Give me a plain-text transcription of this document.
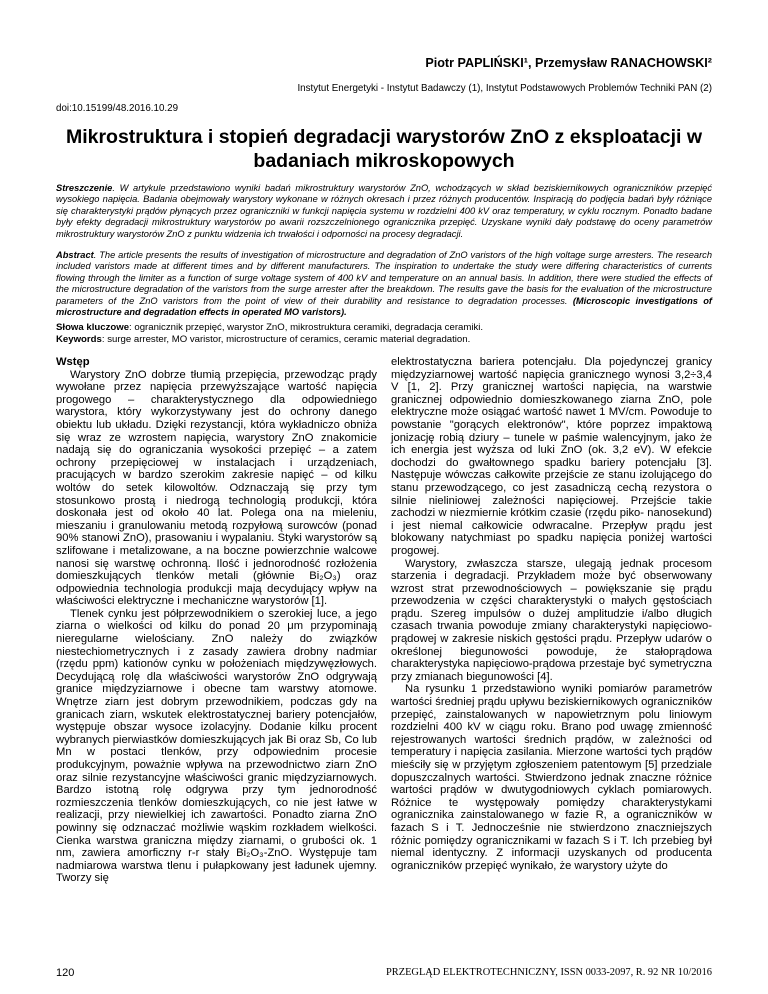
Piotr PAPLIŃSKI¹, Przemysław RANACHOWSKI²
Instytut Energetyki - Instytut Badawczy (1), Instytut Podstawowych Problemów Techniki PAN (2)
doi:10.15199/48.2016.10.29
Mikrostruktura i stopień degradacji warystorów ZnO z eksploatacji w badaniach mikroskopowych
Streszczenie. W artykule przedstawiono wyniki badań mikrostruktury warystorów ZnO, wchodzących w skład beziskiernikowych ograniczników przepięć wysokiego napięcia. Badania obejmowały warystory wykonane w różnych okresach i przez różnych producentów. Inspiracją do podjęcia badań były różniące się charakterystyki prądów płynących przez ograniczniki w funkcji napięcia systemu w rozdzielni 400 kV oraz temperatury, w cyklu rocznym. Ponadto badane były efekty degradacji mikrostruktury warystorów po awarii rozszczelnionego ogranicznika przepięć. Uzyskane wyniki dały podstawę do oceny parametrów mikrostruktury warystorów ZnO z punktu widzenia ich trwałości i odporności na procesy degradacji.
Abstract. The article presents the results of investigation of microstructure and degradation of ZnO varistors of the high voltage surge arresters. The research included varistors made at different times and by different manufacturers. The inspiration to undertake the study were differing characteristics of currents flowing through the limiter as a function of surge voltage system of 400 kV and temperature on an annual basis. In addition, there were studied the effects of the microstructure degradation of the varistors from the surge arrester after the breakdown. The results gave the basis for the evaluation of the microstructure parameters of the ZnO varistors from the point of view of their durability and resistance to degradation processes. (Microscopic investigations of microstructure and degradation effects in operated MO varistors).
Słowa kluczowe: ogranicznik przepięć, warystor ZnO, mikrostruktura ceramiki, degradacja ceramiki.
Keywords: surge arrester, MO varistor, microstructure of ceramics, ceramic material degradation.
Wstęp

Warystory ZnO dobrze tłumią przepięcia, przewodząc prądy wywołane przez napięcia przewyższające wartość napięcia progowego – charakterystycznego dla odpowiedniego warystora, który wykorzystywany jest do ochrony danego obiektu lub układu. Dzięki rezystancji, która wykładniczo obniża się wraz ze wzrostem napięcia, warystory ZnO znakomicie nadają się do ograniczania wysokości przepięć – a zatem ochrony przepięciowej w instalacjach i urządzeniach, pracujących w bardzo szerokim zakresie napięć – od kilku woltów do setek kilowoltów. Odznaczają się przy tym stosunkowo prostą i niedrogą technologią produkcji, która doskonała jest od około 40 lat. Polega ona na mieleniu, mieszaniu i granulowaniu metodą rozpyłową surowców (ponad 90% stanowi ZnO), prasowaniu i wypalaniu. Styki warystorów są szlifowane i metalizowane, a na boczne powierzchnie walcowe nanosi się warstwę ochronną. Ilość i jednorodność rozłożenia domieszkujących tlenków metali (głównie Bi₂O₃) oraz odpowiednia technologia produkcji mają decydujący wpływ na właściwości elektryczne i mechaniczne warystorów [1].

Tlenek cynku jest półprzewodnikiem o szerokiej luce, a jego ziarna o wielkości od kilku do ponad 20 μm przypominają nieregularne wielościany. ZnO należy do związków niestechiometrycznych i z zasady zawiera drobny nadmiar (rzędu ppm) kationów cynku w położeniach międzywęzłowych. Decydującą rolę dla właściwości warystorów ZnO odgrywają granice międzyziarnowe i obecne tam warstwy atomowe. Wnętrze ziarn jest dobrym przewodnikiem, podczas gdy na granicach ziarn, wskutek elektrostatycznej bariery potencjałów, występuje obszar wysoce izolacyjny. Dodanie kilku procent wybranych pierwiastków domieszkujących jak Bi oraz Sb, Co lub Mn w postaci tlenków, przy odpowiednim procesie produkcyjnym, poważnie wpływa na przewodnictwo ziarn ZnO oraz silnie rezystancyjne właściwości granic międzyziarnowych. Bardzo istotną rolę odgrywa przy tym jednorodność rozmieszczenia tlenków domieszkujących, co nie jest łatwe w realizacji, przy niewielkiej ich zawartości. Ponadto ziarna ZnO powinny się odznaczać możliwie wąskim rozkładem wielkości. Cienka warstwa graniczna między ziarnami, o grubości ok. 1 nm, zawiera amorficzny r-r stały Bi₂O₃-ZnO. Występuje tam nadmiarowa warstwa tlenu i pułapkowany jest ładunek ujemny. Tworzy się

elektrostatyczna bariera potencjału. Dla pojedynczej granicy międzyziarnowej wartość napięcia granicznego wynosi 3,2÷3,4 V [1, 2]. Przy granicznej wartości napięcia, na warstwie granicznej odpowiednio domieszkowanego ziarna ZnO, pole elektryczne może osiągać wartość nawet 1 MV/cm. Powoduje to powstanie "gorących elektronów", które poprzez impaktową jonizację robią dziury – tunele w paśmie walencyjnym, jako że ich energia jest wyższa od luki ZnO (ok. 3,2 eV). W efekcie dochodzi do gwałtownego spadku bariery potencjału [3]. Następuje wówczas całkowite przejście ze stanu izolującego do stanu przewodzącego, co jest zasadniczą cechą rezystora o silnie nieliniowej zależności napięciowej. Przejście takie zachodzi w niezmiernie krótkim czasie (rzędu piko- nanosekund) i jest niemal całkowicie odwracalne. Przepływ prądu jest blokowany natychmiast po spadku napięcia poniżej wartości progowej.

Warystory, zwłaszcza starsze, ulegają jednak procesom starzenia i degradacji. Przykładem może być obserwowany wzrost strat przewodnościowych – powiększanie się prądu przewodzenia w części charakterystyki o małych gęstościach prądu. Szereg impulsów o dużej amplitudzie i/albo długich czasach trwania powoduje zmiany charakterystyki napięciowo-prądowej w zakresie niskich gęstości prądu. Przepływ udarów o określonej biegunowości powoduje, że stałoprądowa charakterystyka napięciowo-prądowa przestaje być symetryczna przy zmianach biegunowości [4].

Na rysunku 1 przedstawiono wyniki pomiarów parametrów wartości średniej prądu upływu beziskiernikowych ograniczników przepięć, zainstalowanych w napowietrznym polu liniowym rozdzielni 400 kV w ciągu roku. Brano pod uwagę zmienność rejestrowanych wartości średnich prądów, w zależności od temperatury i napięcia zasilania. Mierzone wartości tych prądów mieściły się w przyjętym zgłoszeniem patentowym [5] przedziale dopuszczalnych wartości. Stwierdzono jednak znaczne różnice wartości prądów w dwutygodniowych cyklach pomiarowych. Różnice te występowały pomiędzy charakterystykami ogranicznika zainstalowanego w fazie R, a ograniczników w fazach S i T. Jednocześnie nie stwierdzono znaczniejszych różnic pomiędzy ogranicznikami w fazach S i T. Ich przebieg był niemal identyczny. Z informacji uzyskanych od producenta ograniczników przepięć wynikało, że warystory użyte do

120	PRZEGLĄD ELEKTROTECHNICZNY, ISSN 0033-2097, R. 92 NR 10/2016
